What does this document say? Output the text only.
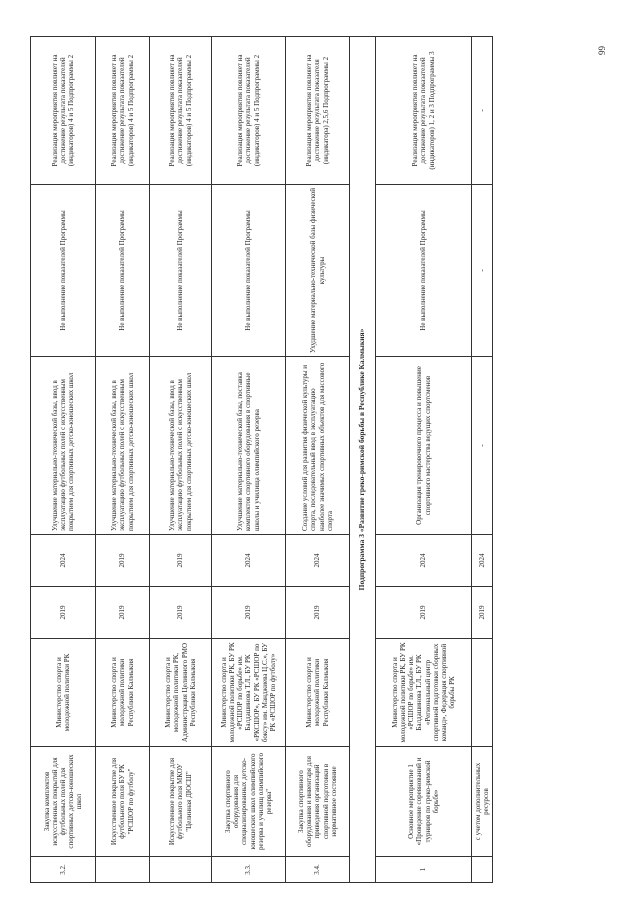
3.2.	Закупка комплектов искусственных покрытий для футбольных полей для спортивных детско-юношеских школ	Министерство спорта и молодежной политики РК	2019	2024	Улучшение материально-технической базы, ввод в эксплуатацию футбольных полей с искусственным покрытием для спортивных детско-юношеских школ	Не выполнение показателей Программы	Реализация мероприятия повлияет на достижение результата показателей (индикаторов) 4 и 5 Подпрограммы 2
	Искусственное покрытие для футбольного поля БУ РК "РСШОР по футболу"	Министерство спорта и молодежной политики Республики Калмыкия	2019	2019	Улучшение материально-технической базы, ввод в эксплуатацию футбольных полей с искусственным покрытием для спортивных детско-юношеских школ	Не выполнение показателей Программы	Реализация мероприятия повлияет на достижение результата показателей (индикаторов) 4 и 5 Подпрограммы 2
	Искусственное покрытие для футбольного поля МКОУ "Целинная ДЮСШ"	Министерство спорта и молодежной политики РК, Администрация Целинного РМО Республики Калмыкия	2019	2019	Улучшение материально-технической базы, ввод в эксплуатацию футбольных полей с искусственным покрытием для спортивных детско-юношеских школ	Не выполнение показателей Программы	Реализация мероприятия повлияет на достижение результата показателей (индикаторов) 4 и 5 Подпрограммы 2
3.3.	Закупка спортивного оборудования для специализированных детско-юношеских школ олимпийского резерва и училищ олимпийского резерва"	Министерство спорта и молодежной политики РК, БУ РК «РСШОР по борьбе» им. Балдашинова Т.Л., БУ РК «РКСШОР», БУ РК «РСШОР по боксу» им. Манджиева Ц.С.», БУ РК «РСШОР по футболу»	2019	2024	Улучшение материально-технической базы, поставка комплектов спортивного оборудования в спортивные школы и училища олимпийского резерва	Не выполнение показателей Программы	Реализация мероприятия повлияет на достижение результата показателей (индикаторов) 4 и 5 Подпрограммы 2
3.4.	Закупка спортивного оборудования и инвентаря для приведения организаций спортивной подготовки в нормативное состояние	Министерство спорта и молодежной политики Республики Калмыкия	2019	2024	Создание условий для развития физической культуры и спорта, последовательный ввод в эксплуатацию наиболее значимых спортивных объектов для массового спорта	Ухудшение материально-технической базы физической культуры	Реализация мероприятия повлияет на достижение результата показателя (индикатора) 2,5,6 Подпрограммы 2
Подпрограмма 3 «Развитие греко-римской борьбы в Республике Калмыкия»							
1	Основное мероприятие 1 «Проведение соревнований и турниров по греко-римской борьбе»	Министерство спорта и молодежной политики РК, БУ РК «РСШОР по борьбе» им. Балдашинова Т.Л., БУ РК «Региональный центр спортивной подготовки сборных команд», Федерация спортивной борьбы РК	2019	2024	Организация тренировочного процесса и повышение спортивного мастерства ведущих спортсменов	Не выполнение показателей Программы	Реализация мероприятия повлияет на достижение результата показателей (индикаторов) 1, 2 и 3 Подпрограммы 3
	с учетом дополнительных ресурсов		2019	2024	-	-	-
99
